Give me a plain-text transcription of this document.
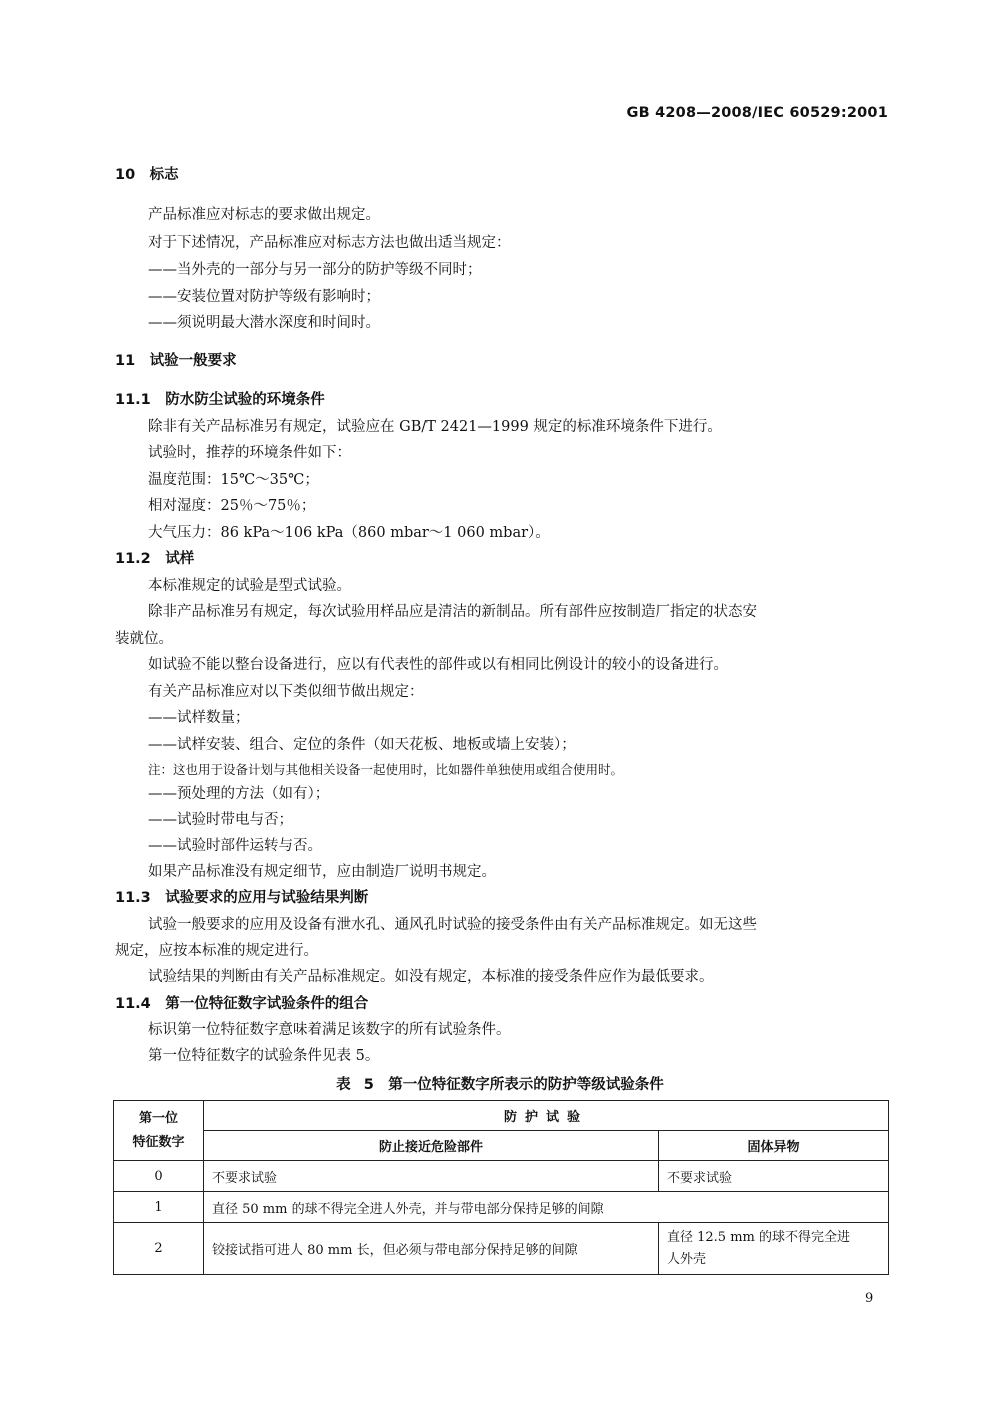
GB 4208—2008/IEC 60529:2001
10　标志
产品标准应对标志的要求做出规定。
对于下述情况，产品标准应对标志方法也做出适当规定：
——当外壳的一部分与另一部分的防护等级不同时；
——安装位置对防护等级有影响时；
——须说明最大潜水深度和时间时。
11　试验一般要求
11.1　防水防尘试验的环境条件
除非有关产品标准另有规定，试验应在 GB/T 2421—1999 规定的标准环境条件下进行。
试验时，推荐的环境条件如下：
温度范围：15℃～35℃；
相对湿度：25％～75％；
大气压力：86 kPa～106 kPa（860 mbar～1 060 mbar）。
11.2　试样
本标准规定的试验是型式试验。
除非产品标准另有规定，每次试验用样品应是清洁的新制品。所有部件应按制造厂指定的状态安
装就位。
如试验不能以整台设备进行，应以有代表性的部件或以有相同比例设计的较小的设备进行。
有关产品标准应对以下类似细节做出规定：
——试样数量；
——试样安装、组合、定位的条件（如天花板、地板或墙上安装）；
注：这也用于设备计划与其他相关设备一起使用时，比如器件单独使用或组合使用时。
——预处理的方法（如有）；
——试验时带电与否；
——试验时部件运转与否。
如果产品标准没有规定细节，应由制造厂说明书规定。
11.3　试验要求的应用与试验结果判断
试验一般要求的应用及设备有泄水孔、通风孔时试验的接受条件由有关产品标准规定。如无这些
规定，应按本标准的规定进行。
试验结果的判断由有关产品标准规定。如没有规定，本标准的接受条件应作为最低要求。
11.4　第一位特征数字试验条件的组合
标识第一位特征数字意味着满足该数字的所有试验条件。
第一位特征数字的试验条件见表 5。
表 5　第一位特征数字所表示的防护等级试验条件
第一位
特征数字	防护试验	
	防止接近危险部件	固体异物
0	不要求试验	不要求试验
1	直径 50 mm 的球不得完全进人外壳，并与带电部分保持足够的间隙	
2	铰接试指可进人 80 mm 长，但必须与带电部分保持足够的间隙	直径 12.5 mm 的球不得完全进
人外壳
9
